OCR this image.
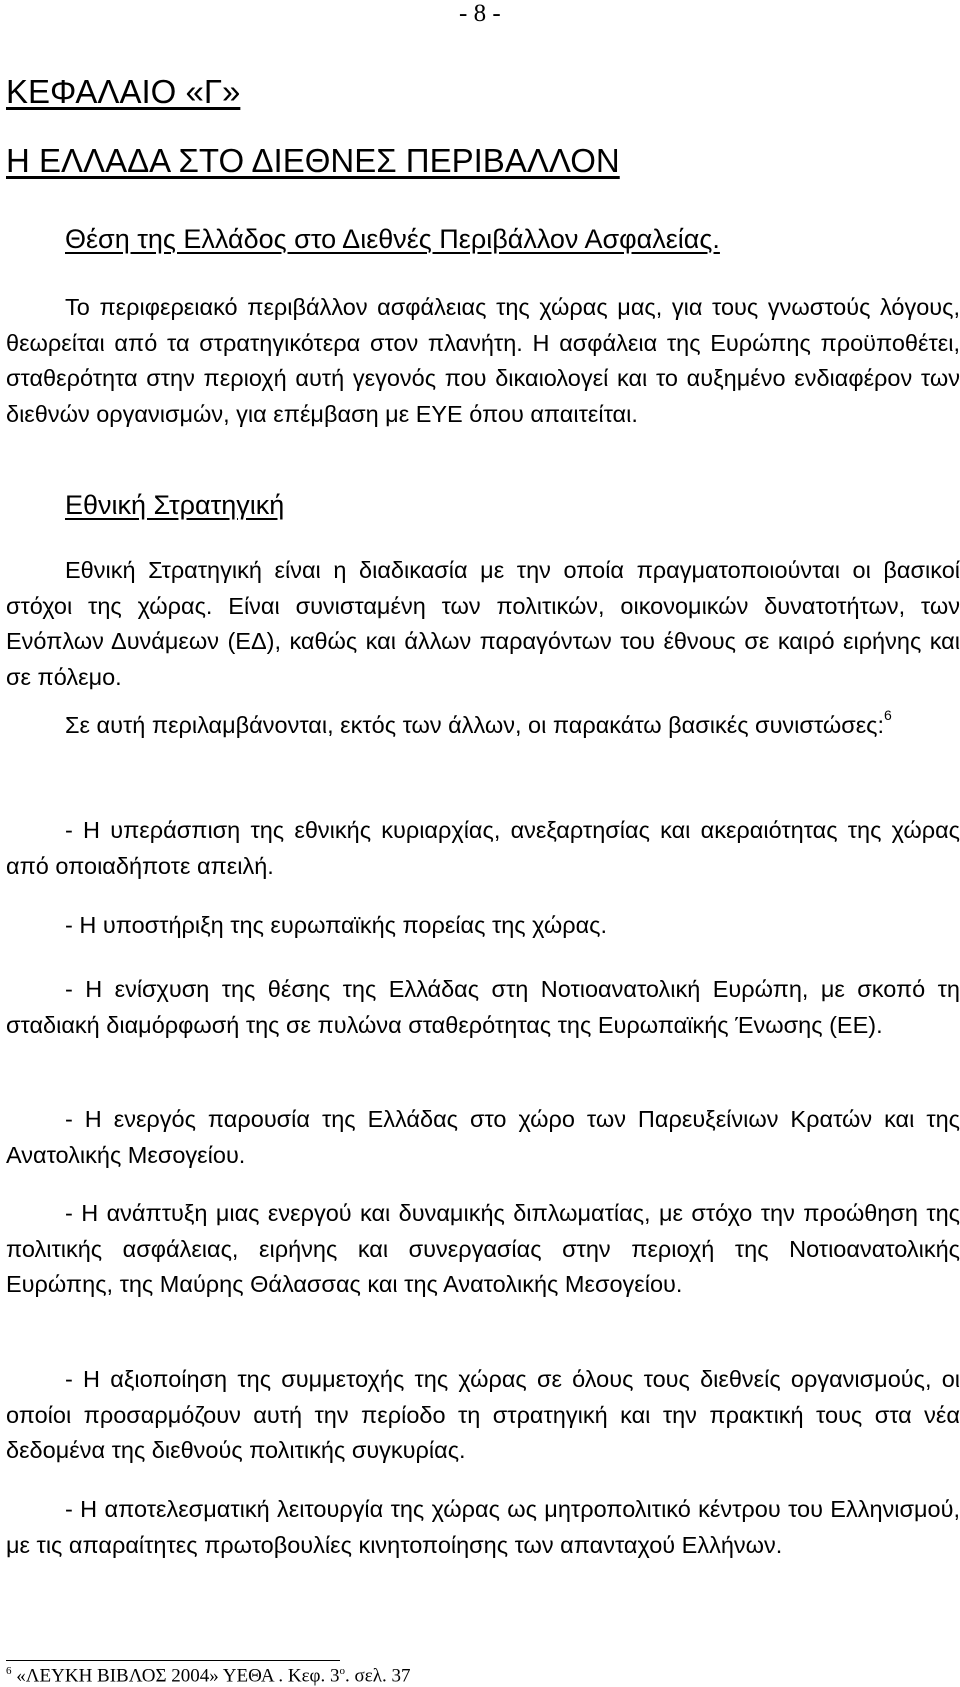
- 8 -
ΚΕΦΑΛΑΙΟ «Γ»
Η ΕΛΛΑΔΑ ΣΤΟ ΔΙΕΘΝΕΣ ΠΕΡΙΒΑΛΛΟΝ
Θέση της Ελλάδος στο Διεθνές Περιβάλλον Ασφαλείας.
Το περιφερειακό περιβάλλον ασφάλειας της χώρας μας, για τους γνωστούς λόγους, θεωρείται από τα στρατηγικότερα στον πλανήτη. Η ασφάλεια της Ευρώπης προϋποθέτει, σταθερότητα στην περιοχή αυτή γεγονός που δικαιολογεί και το αυξημένο ενδιαφέρον των διεθνών οργανισμών, για επέμβαση με ΕΥΕ όπου απαιτείται.
Εθνική Στρατηγική
Εθνική Στρατηγική είναι η διαδικασία με την οποία πραγματοποιούνται οι βασικοί στόχοι της χώρας. Είναι συνισταμένη των πολιτικών, οικονομικών δυνατοτήτων, των Ενόπλων Δυνάμεων (ΕΔ), καθώς και άλλων παραγόντων του έθνους σε καιρό ειρήνης και σε πόλεμο.
Σε αυτή περιλαμβάνονται, εκτός των άλλων, οι παρακάτω βασικές συνιστώσες:$^6$
- Η υπεράσπιση της εθνικής κυριαρχίας, ανεξαρτησίας και ακεραιότητας της χώρας από οποιαδήποτε απειλή.
- Η υποστήριξη της ευρωπαϊκής πορείας της χώρας.
- Η ενίσχυση της θέσης της Ελλάδας στη Νοτιοανατολική Ευρώπη, με σκοπό τη σταδιακή διαμόρφωσή της σε πυλώνα σταθερότητας της Ευρωπαϊκής Ένωσης (ΕΕ).
- Η ενεργός παρουσία της Ελλάδας στο χώρο των Παρευξείνιων Κρατών και της Ανατολικής Μεσογείου.
- Η ανάπτυξη μιας ενεργού και δυναμικής διπλωματίας, με στόχο την προώθηση της πολιτικής ασφάλειας, ειρήνης και συνεργασίας στην περιοχή της Νοτιοανατολικής Ευρώπης, της Μαύρης Θάλασσας και της Ανατολικής Μεσογείου.
- Η αξιοποίηση της συμμετοχής της χώρας σε όλους τους διεθνείς οργανισμούς, οι οποίοι προσαρμόζουν αυτή την περίοδο τη στρατηγική και την πρακτική τους στα νέα δεδομένα της διεθνούς πολιτικής συγκυρίας.
- Η αποτελεσματική λειτουργία της χώρας ως μητροπολιτικό κέντρου του Ελληνισμού, με τις απαραίτητες πρωτοβουλίες κινητοποίησης των απανταχού Ελλήνων.
$^6$ «ΛΕΥΚΗ ΒΙΒΛΟΣ 2004» ΥΕΘΑ . Κεφ. $3^o$. σελ. 37
